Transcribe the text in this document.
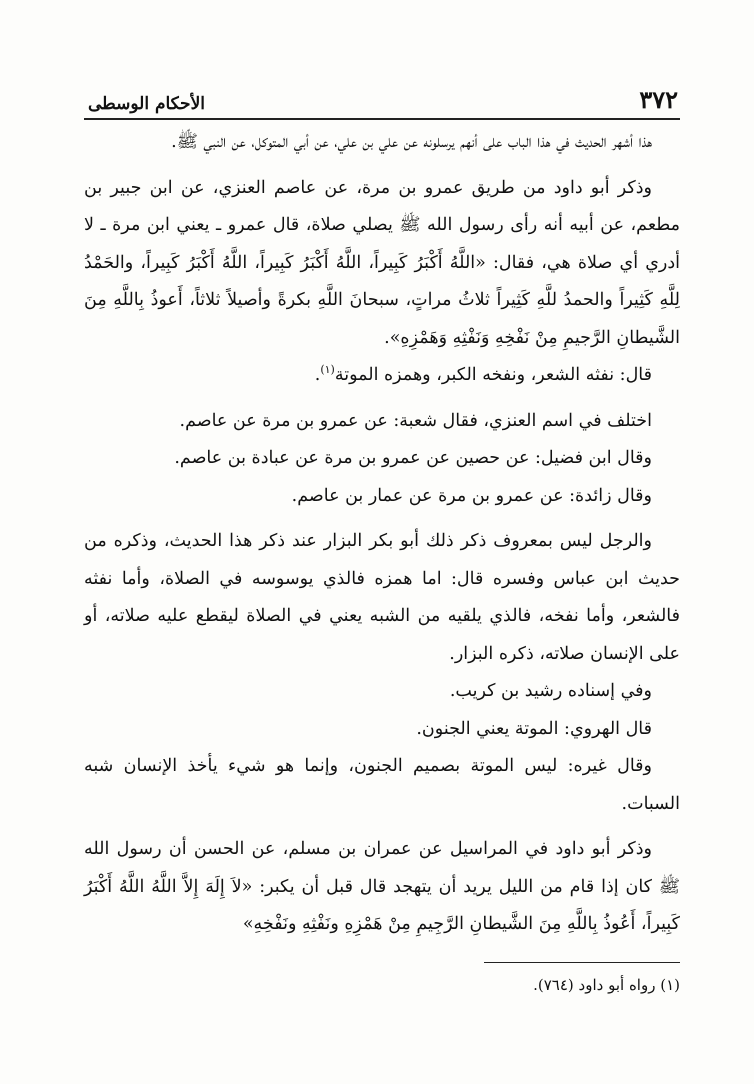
٣٧٢
الأحكام الوسطى

هذا أشهر الحديث في هذا الباب على أنهم يرسلونه عن علي بن علي، عن أبي المتوكل، عن النبي ﷺ.

وذكر أبو داود من طريق عمرو بن مرة، عن عاصم العنزي، عن ابن جبير بن مطعم، عن أبيه أنه رأى رسول الله ﷺ يصلي صلاة، قال عمرو ـ يعني ابن مرة ـ لا أدري أي صلاة هي، فقال: «اللَّهُ أَكْبَرُ كَبِيراً، اللَّهُ أَكْبَرُ كَبِيراً، اللَّهُ أَكْبَرُ كَبِيراً، والحَمْدُ لِلَّهِ كَثِيراً والحمدُ للَّهِ كَثِيراً ثلاثُ مراتٍ، سبحانَ اللَّهِ بكرةً وأصيلاً ثلاثاً، أَعوذُ بِاللَّهِ مِنَ الشَّيطانِ الرَّجيمِ مِنْ نَفْخِهِ وَنَفْثِهِ وَهَمْزِهِ».

قال: نفثه الشعر، ونفخه الكبر، وهمزه الموتة$^{(١)}$.

اختلف في اسم العنزي، فقال شعبة: عن عمرو بن مرة عن عاصم.

وقال ابن فضيل: عن حصين عن عمرو بن مرة عن عبادة بن عاصم.

وقال زائدة: عن عمرو بن مرة عن عمار بن عاصم.

والرجل ليس بمعروف ذكر ذلك أبو بكر البزار عند ذكر هذا الحديث، وذكره من حديث ابن عباس وفسره قال: اما همزه فالذي يوسوسه في الصلاة، وأما نفثه فالشعر، وأما نفخه، فالذي يلقيه من الشبه يعني في الصلاة ليقطع عليه صلاته، أو على الإنسان صلاته، ذكره البزار.

وفي إسناده رشيد بن كريب.

قال الهروي: الموتة يعني الجنون.

وقال غيره: ليس الموتة بصميم الجنون، وإنما هو شيء يأخذ الإنسان شبه السبات.

وذكر أبو داود في المراسيل عن عمران بن مسلم، عن الحسن أن رسول الله ﷺ كان إذا قام من الليل يريد أن يتهجد قال قبل أن يكبر: «لاَ إِلَهَ إِلاَّ اللَّهُ اللَّهُ أَكْبَرُ كَبِيراً، أَعُوذُ بِاللَّهِ مِنَ الشَّيطانِ الرَّجِيمِ مِنْ هَمْزِهِ ونَفْثِهِ ونَفْخِهِ»

(١) رواه أبو داود (٧٦٤).
